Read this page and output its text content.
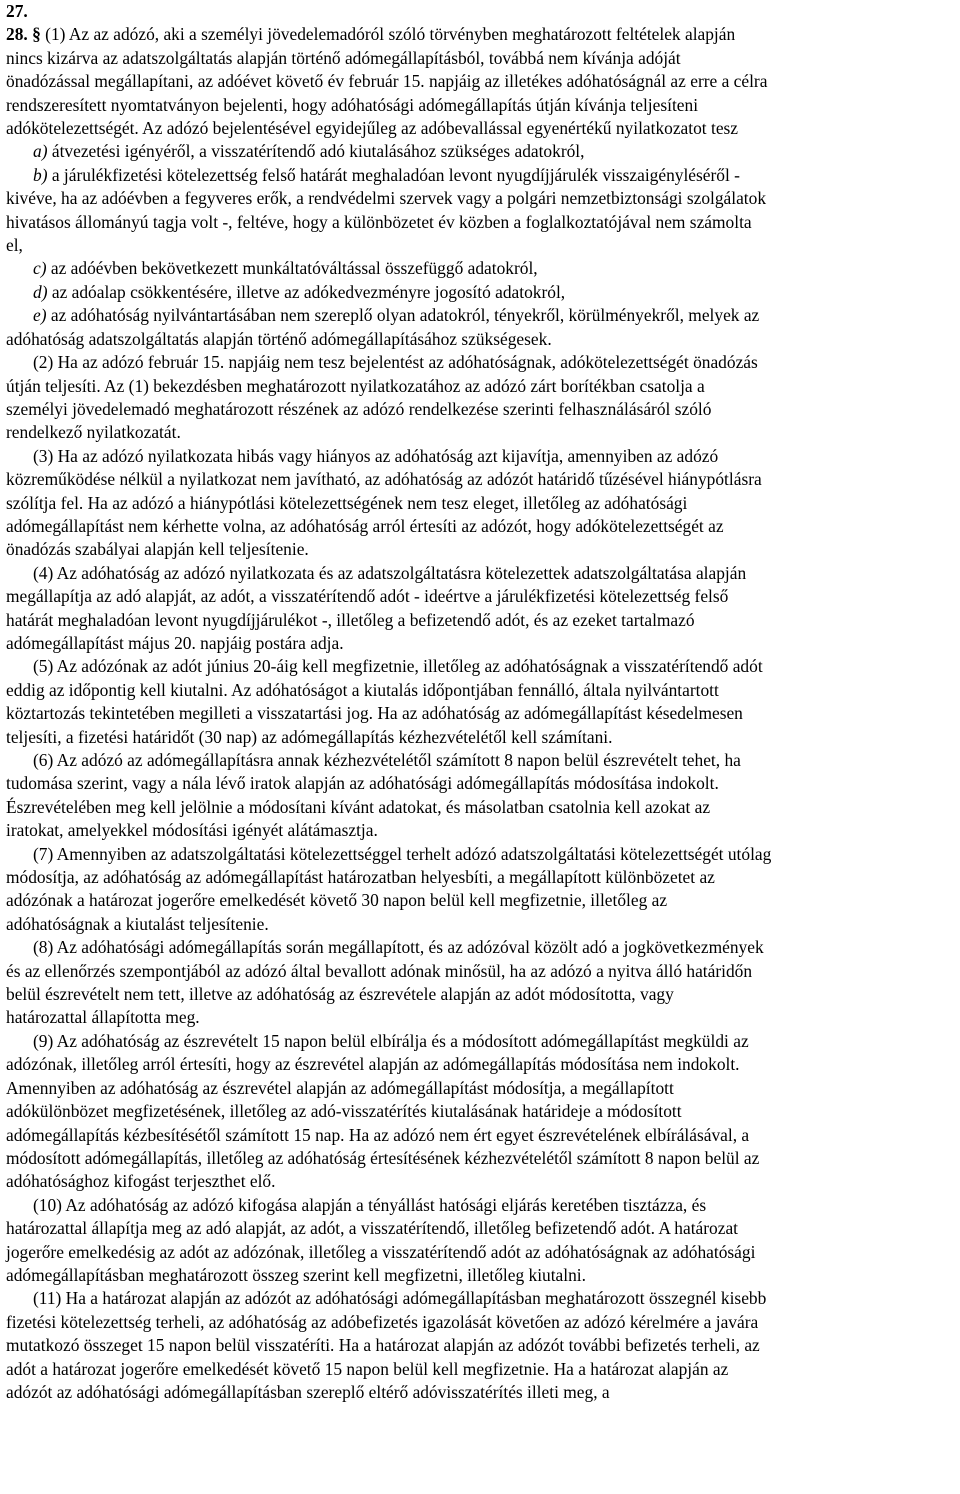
27.
28. § (1) Az az adózó, aki a személyi jövedelemadóról szóló törvényben meghatározott feltételek alapján
nincs kizárva az adatszolgáltatás alapján történő adómegállapításból, továbbá nem kívánja adóját
önadózással megállapítani, az adóévet követő év február 15. napjáig az illetékes adóhatóságnál az erre a célra
rendszeresített nyomtatványon bejelenti, hogy adóhatósági adómegállapítás útján kívánja teljesíteni
adókötelezettségét. Az adózó bejelentésével egyidejűleg az adóbevallással egyenértékű nyilatkozatot tesz
a) átvezetési igényéről, a visszatérítendő adó kiutalásához szükséges adatokról,
b) a járulékfizetési kötelezettség felső határát meghaladóan levont nyugdíjjárulék visszaigényléséről -
kivéve, ha az adóévben a fegyveres erők, a rendvédelmi szervek vagy a polgári nemzetbiztonsági szolgálatok
hivatásos állományú tagja volt -, feltéve, hogy a különbözetet év közben a foglalkoztatójával nem számolta
el,
c) az adóévben bekövetkezett munkáltatóváltással összefüggő adatokról,
d) az adóalap csökkentésére, illetve az adókedvezményre jogosító adatokról,
e) az adóhatóság nyilvántartásában nem szereplő olyan adatokról, tényekről, körülményekről, melyek az
adóhatóság adatszolgáltatás alapján történő adómegállapításához szükségesek.
(2) Ha az adózó február 15. napjáig nem tesz bejelentést az adóhatóságnak, adókötelezettségét önadózás
útján teljesíti. Az (1) bekezdésben meghatározott nyilatkozatához az adózó zárt borítékban csatolja a
személyi jövedelemadó meghatározott részének az adózó rendelkezése szerinti felhasználásáról szóló
rendelkező nyilatkozatát.
(3) Ha az adózó nyilatkozata hibás vagy hiányos az adóhatóság azt kijavítja, amennyiben az adózó
közreműködése nélkül a nyilatkozat nem javítható, az adóhatóság az adózót határidő tűzésével hiánypótlásra
szólítja fel. Ha az adózó a hiánypótlási kötelezettségének nem tesz eleget, illetőleg az adóhatósági
adómegállapítást nem kérhette volna, az adóhatóság arról értesíti az adózót, hogy adókötelezettségét az
önadózás szabályai alapján kell teljesítenie.
(4) Az adóhatóság az adózó nyilatkozata és az adatszolgáltatásra kötelezettek adatszolgáltatása alapján
megállapítja az adó alapját, az adót, a visszatérítendő adót - ideértve a járulékfizetési kötelezettség felső
határát meghaladóan levont nyugdíjjárulékot -, illetőleg a befizetendő adót, és az ezeket tartalmazó
adómegállapítást május 20. napjáig postára adja.
(5) Az adózónak az adót június 20-áig kell megfizetnie, illetőleg az adóhatóságnak a visszatérítendő adót
eddig az időpontig kell kiutalni. Az adóhatóságot a kiutalás időpontjában fennálló, általa nyilvántartott
köztartozás tekintetében megilleti a visszatartási jog. Ha az adóhatóság az adómegállapítást késedelmesen
teljesíti, a fizetési határidőt (30 nap) az adómegállapítás kézhezvételétől kell számítani.
(6) Az adózó az adómegállapításra annak kézhezvételétől számított 8 napon belül észrevételt tehet, ha
tudomása szerint, vagy a nála lévő iratok alapján az adóhatósági adómegállapítás módosítása indokolt.
Észrevételében meg kell jelölnie a módosítani kívánt adatokat, és másolatban csatolnia kell azokat az
iratokat, amelyekkel módosítási igényét alátámasztja.
(7) Amennyiben az adatszolgáltatási kötelezettséggel terhelt adózó adatszolgáltatási kötelezettségét utólag
módosítja, az adóhatóság az adómegállapítást határozatban helyesbíti, a megállapított különbözetet az
adózónak a határozat jogerőre emelkedését követő 30 napon belül kell megfizetnie, illetőleg az
adóhatóságnak a kiutalást teljesítenie.
(8) Az adóhatósági adómegállapítás során megállapított, és az adózóval közölt adó a jogkövetkezmények
és az ellenőrzés szempontjából az adózó által bevallott adónak minősül, ha az adózó a nyitva álló határidőn
belül észrevételt nem tett, illetve az adóhatóság az észrevétele alapján az adót módosította, vagy
határozattal állapította meg.
(9) Az adóhatóság az észrevételt 15 napon belül elbírálja és a módosított adómegállapítást megküldi az
adózónak, illetőleg arról értesíti, hogy az észrevétel alapján az adómegállapítás módosítása nem indokolt.
Amennyiben az adóhatóság az észrevétel alapján az adómegállapítást módosítja, a megállapított
adókülönbözet megfizetésének, illetőleg az adó-visszatérítés kiutalásának határideje a módosított
adómegállapítás kézbesítésétől számított 15 nap. Ha az adózó nem ért egyet észrevételének elbírálásával, a
módosított adómegállapítás, illetőleg az adóhatóság értesítésének kézhezvételétől számított 8 napon belül az
adóhatósághoz kifogást terjeszthet elő.
(10) Az adóhatóság az adózó kifogása alapján a tényállást hatósági eljárás keretében tisztázza, és
határozattal állapítja meg az adó alapját, az adót, a visszatérítendő, illetőleg befizetendő adót. A határozat
jogerőre emelkedésig az adót az adózónak, illetőleg a visszatérítendő adót az adóhatóságnak az adóhatósági
adómegállapításban meghatározott összeg szerint kell megfizetni, illetőleg kiutalni.
(11) Ha a határozat alapján az adózót az adóhatósági adómegállapításban meghatározott összegnél kisebb
fizetési kötelezettség terheli, az adóhatóság az adóbefizetés igazolását követően az adózó kérelmére a javára
mutatkozó összeget 15 napon belül visszatéríti. Ha a határozat alapján az adózót további befizetés terheli, az
adót a határozat jogerőre emelkedését követő 15 napon belül kell megfizetnie. Ha a határozat alapján az
adózót az adóhatósági adómegállapításban szereplő eltérő adóvisszatérítés illeti meg, a
